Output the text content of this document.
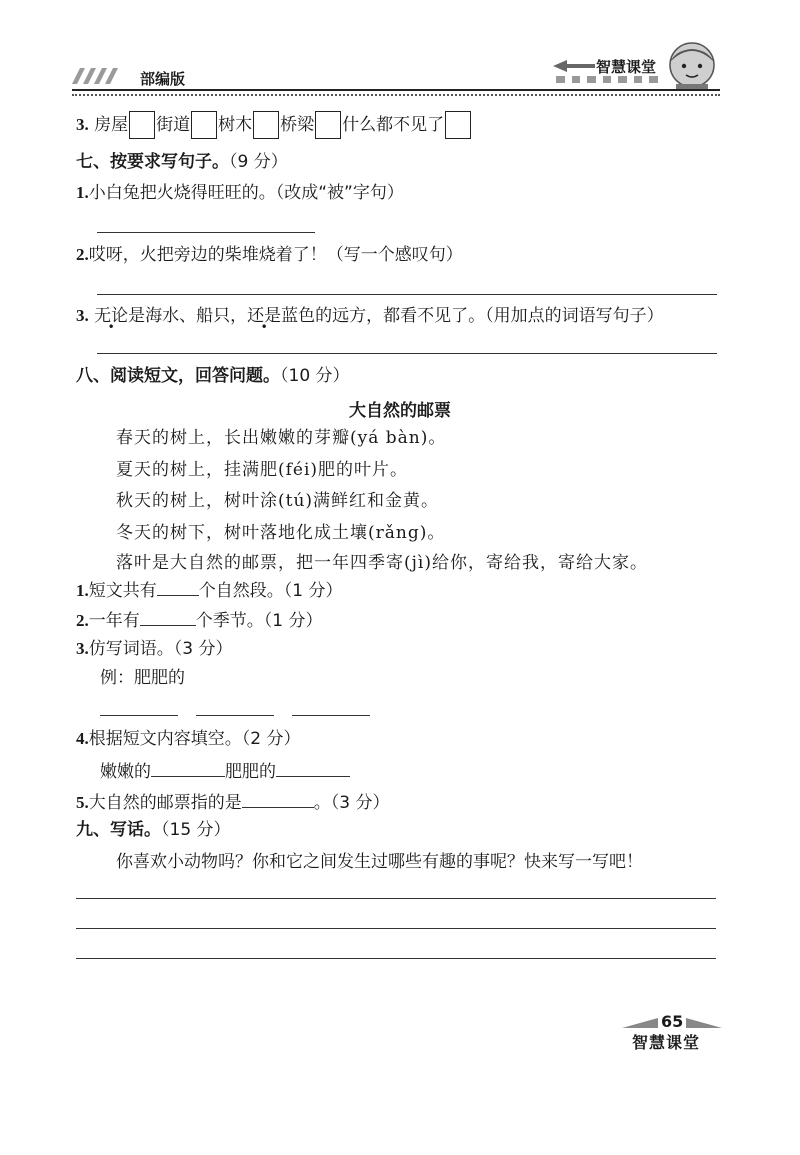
部编版
智慧课堂
3. 房屋 街道 树木 桥梁 什么都不见了
七、按要求写句子。（9 分）
1.小白兔把火烧得旺旺的。（改成“被”字句）
2.哎呀，火把旁边的柴堆烧着了！（写一个感叹句）
3. 无论是海水、船只，还是蓝色的远方，都看不见了。（用加点的词语写句子）
八、阅读短文，回答问题。（10 分）
大自然的邮票
春天的树上，长出嫩嫩的芽瓣(yá bàn)。
夏天的树上，挂满肥(féi)肥的叶片。
秋天的树上，树叶涂(tú)满鲜红和金黄。
冬天的树下，树叶落地化成土壤(rǎng)。
落叶是大自然的邮票，把一年四季寄(jì)给你，寄给我，寄给大家。
1.短文共有 个自然段。（1 分）
2.一年有	个季节。（1 分）
3.仿写词语。（3 分）
例：肥肥的
4.根据短文内容填空。（2 分）
嫩嫩的	肥肥的
5.大自然的邮票指的是	。（3 分）
九、写话。（15 分）
你喜欢小动物吗？你和它之间发生过哪些有趣的事呢？快来写一写吧！
65
智慧课堂
